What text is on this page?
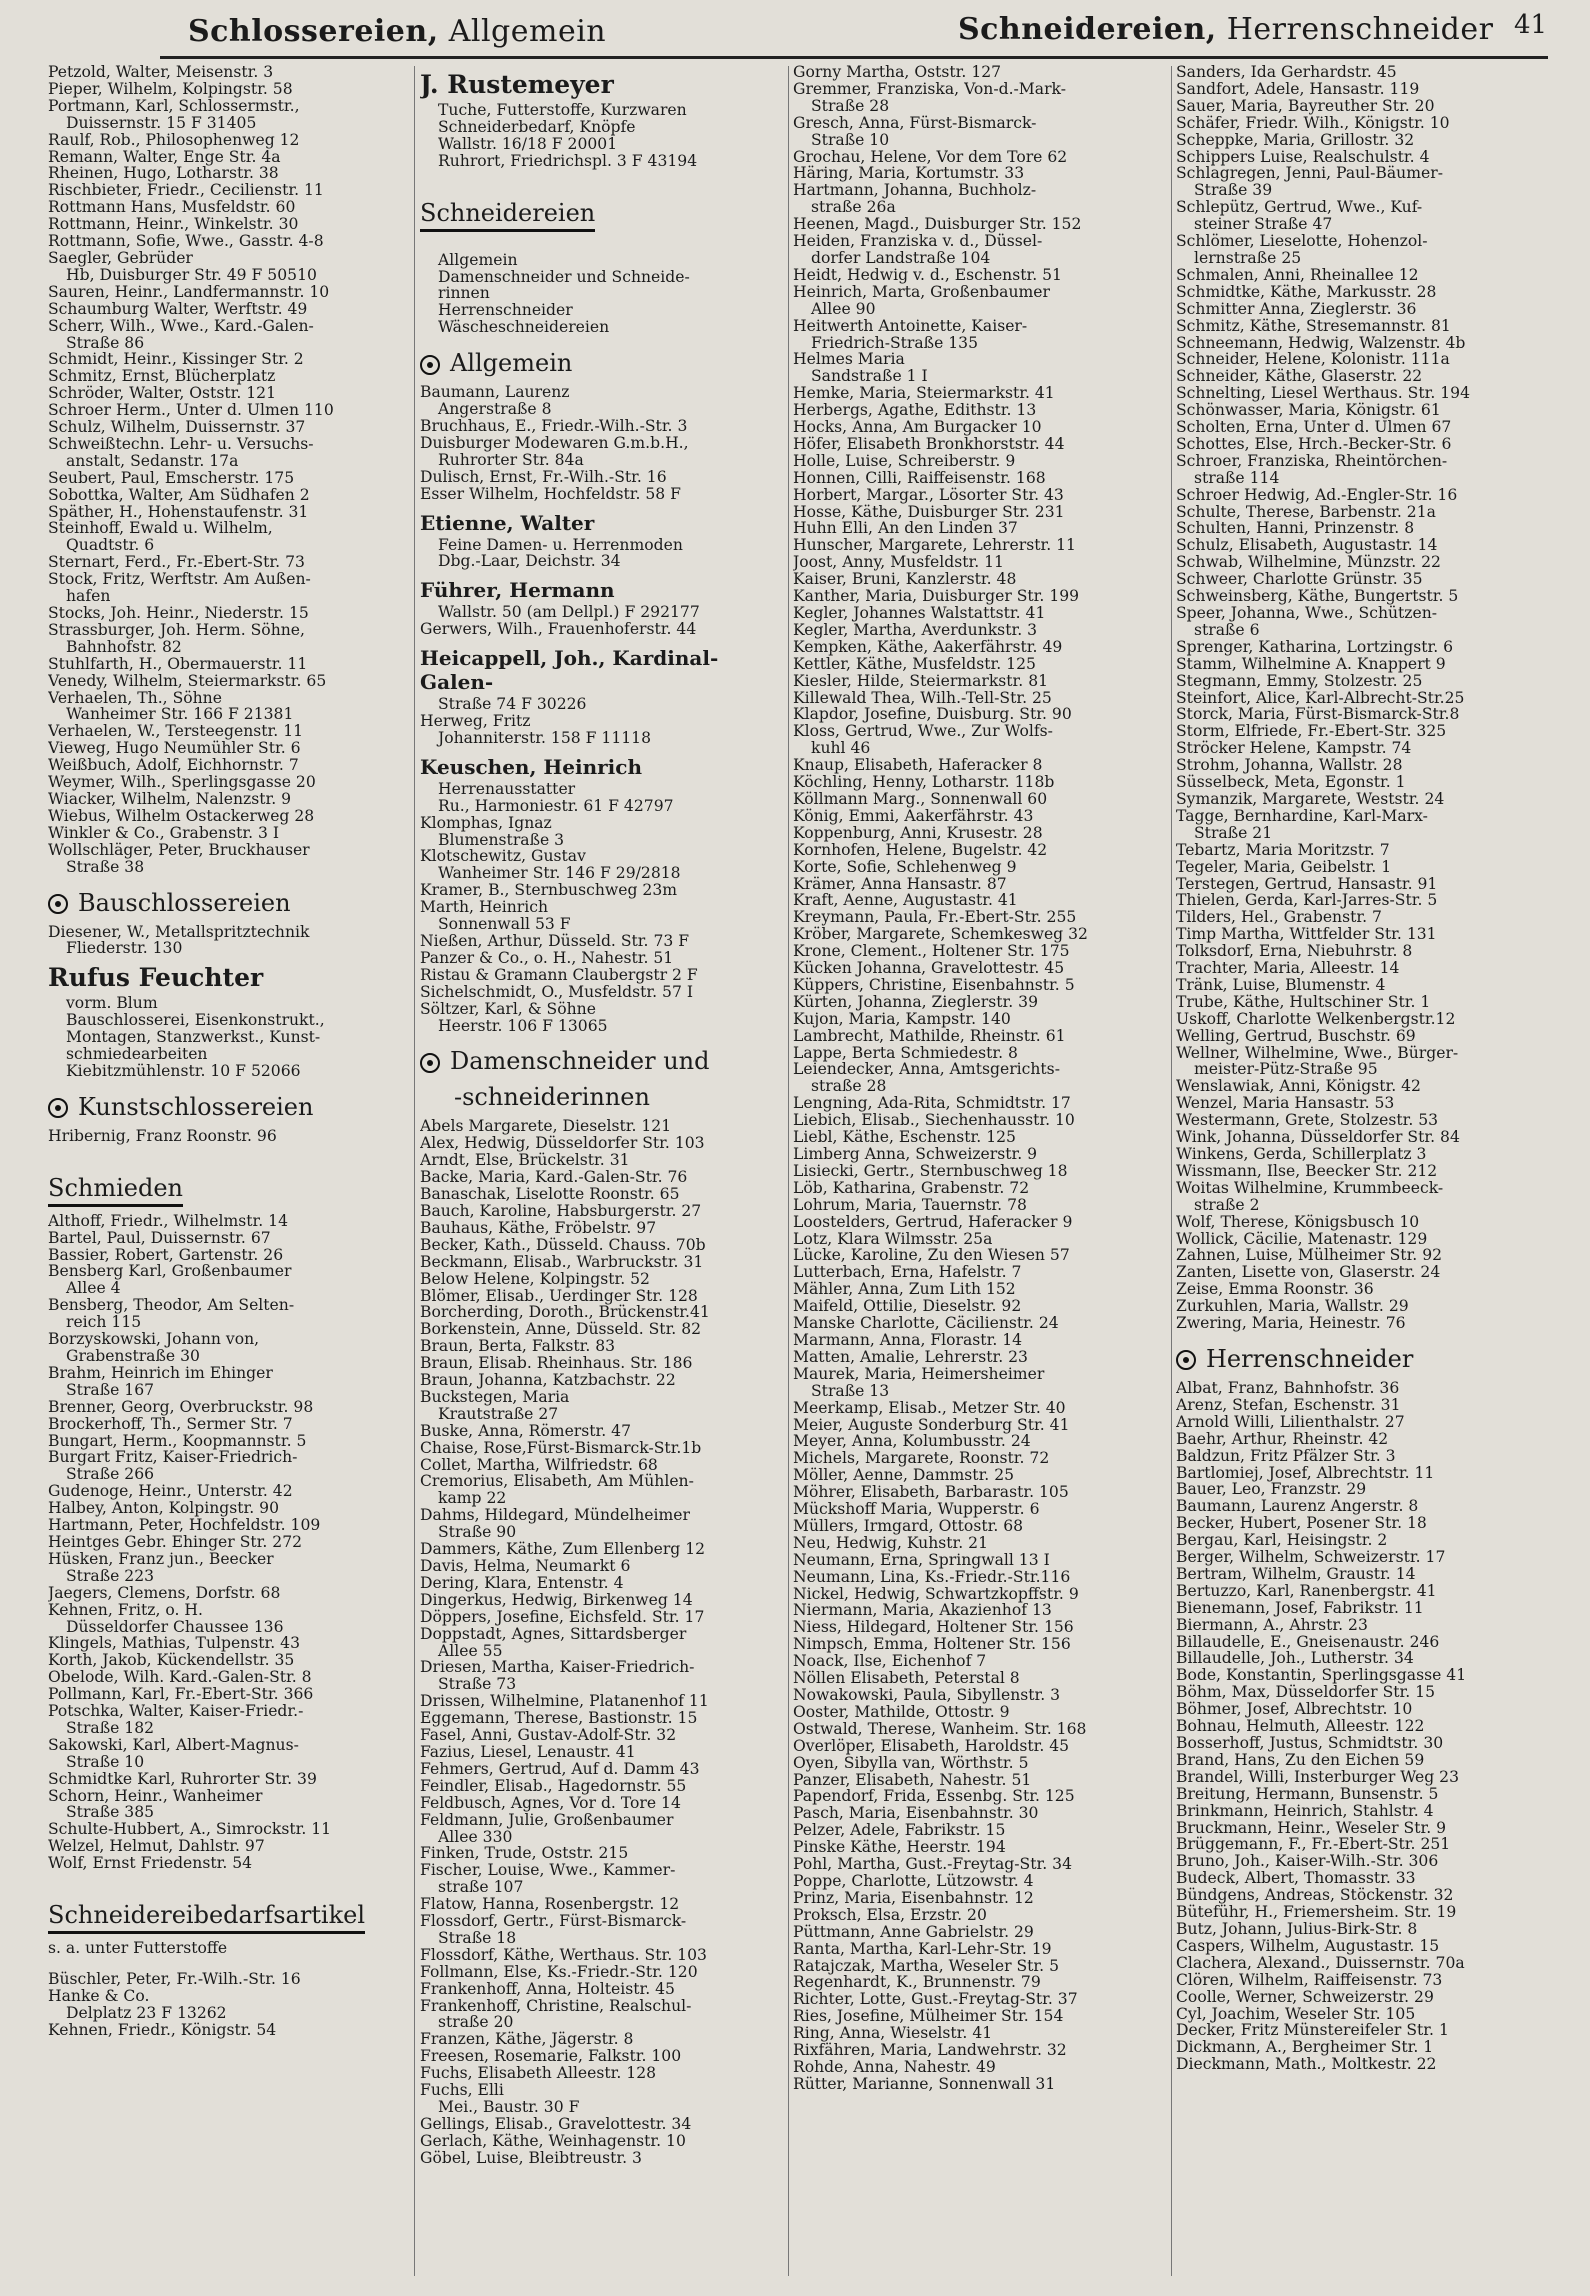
Schlossereien, Allgemein	Schneidereien, Herrenschneider 41
Petzold, Walter, Meisenstr. 3
Pieper, Wilhelm, Kolpingstr. 58
Portmann, Karl, Schlossermstr.,
Duissernstr. 15 F 31405
Raulf, Rob., Philosophenweg 12
Remann, Walter, Enge Str. 4a
Rheinen, Hugo, Lotharstr. 38
Rischbieter, Friedr., Cecilienstr. 11
Rottmann Hans, Musfeldstr. 60
Rottmann, Heinr., Winkelstr. 30
Rottmann, Sofie, Wwe., Gasstr. 4-8
Saegler, Gebrüder
Hb, Duisburger Str. 49 F 50510
Sauren, Heinr., Landfermannstr. 10
Schaumburg Walter, Werftstr. 49
Scherr, Wilh., Wwe., Kard.-Galen-
Straße 86
Schmidt, Heinr., Kissinger Str. 2
Schmitz, Ernst, Blücherplatz
Schröder, Walter, Oststr. 121
Schroer Herm., Unter d. Ulmen 110
Schulz, Wilhelm, Duissernstr. 37
Schweißtechn. Lehr- u. Versuchs-
anstalt, Sedanstr. 17a
Seubert, Paul, Emscherstr. 175
Sobottka, Walter, Am Südhafen 2
Späther, H., Hohenstaufenstr. 31
Steinhoff, Ewald u. Wilhelm,
Quadtstr. 6
Sternart, Ferd., Fr.-Ebert-Str. 73
Stock, Fritz, Werftstr. Am Außen-
hafen
Stocks, Joh. Heinr., Niederstr. 15
Strassburger, Joh. Herm. Söhne,
Bahnhofstr. 82
Stuhlfarth, H., Obermauerstr. 11
Venedy, Wilhelm, Steiermarkstr. 65
Verhaelen, Th., Söhne
Wanheimer Str. 166 F 21381
Verhaelen, W., Tersteegenstr. 11
Vieweg, Hugo Neumühler Str. 6
Weißbuch, Adolf, Eichhornstr. 7
Weymer, Wilh., Sperlingsgasse 20
Wiacker, Wilhelm, Nalenzstr. 9
Wiebus, Wilhelm Ostackerweg 28
Winkler & Co., Grabenstr. 3 I
Wollschläger, Peter, Bruckhauser
Straße 38
Bauschlossereien
Diesener, W., Metallspritztechnik
Fliederstr. 130
Rufus Feuchter
vorm. Blum
Bauschlosserei, Eisenkonstrukt.,
Montagen, Stanzwerkst., Kunst-
schmiedearbeiten
Kiebitzmühlenstr. 10 F 52066
Kunstschlossereien
Hribernig, Franz Roonstr. 96
Schmieden
Althoff, Friedr., Wilhelmstr. 14
Bartel, Paul, Duissernstr. 67
Bassier, Robert, Gartenstr. 26
Bensberg Karl, Großenbaumer
Allee 4
Bensberg, Theodor, Am Selten-
reich 115
Borzyskowski, Johann von,
Grabenstraße 30
Brahm, Heinrich im Ehinger
Straße 167
Brenner, Georg, Overbruckstr. 98
Brockerhoff, Th., Sermer Str. 7
Bungart, Herm., Koopmannstr. 5
Burgart Fritz, Kaiser-Friedrich-
Straße 266
Gudenoge, Heinr., Unterstr. 42
Halbey, Anton, Kolpingstr. 90
Hartmann, Peter, Hochfeldstr. 109
Heintges Gebr. Ehinger Str. 272
Hüsken, Franz jun., Beecker
Straße 223
Jaegers, Clemens, Dorfstr. 68
Kehnen, Fritz, o. H.
Düsseldorfer Chaussee 136
Klingels, Mathias, Tulpenstr. 43
Korth, Jakob, Kückendellstr. 35
Obelode, Wilh. Kard.-Galen-Str. 8
Pollmann, Karl, Fr.-Ebert-Str. 366
Potschka, Walter, Kaiser-Friedr.-
Straße 182
Sakowski, Karl, Albert-Magnus-
Straße 10
Schmidtke Karl, Ruhrorter Str. 39
Schorn, Heinr., Wanheimer
Straße 385
Schulte-Hubbert, A., Simrockstr. 11
Welzel, Helmut, Dahlstr. 97
Wolf, Ernst Friedenstr. 54
Schneidereibedarfsartikel
s. a. unter Futterstoffe
Büschler, Peter, Fr.-Wilh.-Str. 16
Hanke & Co.
Delplatz 23 F 13262
Kehnen, Friedr., Königstr. 54
J. Rustemeyer
Tuche, Futterstoffe, Kurzwaren
Schneiderbedarf, Knöpfe
Wallstr. 16/18 F 20001
Ruhrort, Friedrichspl. 3 F 43194
Schneidereien
Allgemein
Damenschneider und Schneide-
rinnen
Herrenschneider
Wäscheschneidereien
Allgemein
Baumann, Laurenz
Angerstraße 8
Bruchhaus, E., Friedr.-Wilh.-Str. 3
Duisburger Modewaren G.m.b.H.,
Ruhrorter Str. 84a
Dulisch, Ernst, Fr.-Wilh.-Str. 16
Esser Wilhelm, Hochfeldstr. 58 F
Etienne, Walter
Feine Damen- u. Herrenmoden
Dbg.-Laar, Deichstr. 34
Führer, Hermann
Wallstr. 50 (am Dellpl.) F 292177
Gerwers, Wilh., Frauenhoferstr. 44
Heicappell, Joh., Kardinal-Galen-
Straße 74 F 30226
Herweg, Fritz
Johanniterstr. 158 F 11118
Keuschen, Heinrich
Herrenausstatter
Ru., Harmoniestr. 61 F 42797
Klomphas, Ignaz
Blumenstraße 3
Klotschewitz, Gustav
Wanheimer Str. 146 F 29/2818
Kramer, B., Sternbuschweg 23m
Marth, Heinrich
Sonnenwall 53 F
Nießen, Arthur, Düsseld. Str. 73 F
Panzer & Co., o. H., Nahestr. 51
Ristau & Gramann Claubergstr 2 F
Sichelschmidt, O., Musfeldstr. 57 I
Söltzer, Karl, & Söhne
Heerstr. 106 F 13065
Damenschneider und
-schneiderinnen
Abels Margarete, Dieselstr. 121
Alex, Hedwig, Düsseldorfer Str. 103
Arndt, Else, Brückelstr. 31
Backe, Maria, Kard.-Galen-Str. 76
Banaschak, Liselotte Roonstr. 65
Bauch, Karoline, Habsburgerstr. 27
Bauhaus, Käthe, Fröbelstr. 97
Becker, Kath., Düsseld. Chauss. 70b
Beckmann, Elisab., Warbruckstr. 31
Below Helene, Kolpingstr. 52
Blömer, Elisab., Uerdinger Str. 128
Borcherding, Doroth., Brückenstr.41
Borkenstein, Anne, Düsseld. Str. 82
Braun, Berta, Falkstr. 83
Braun, Elisab. Rheinhaus. Str. 186
Braun, Johanna, Katzbachstr. 22
Buckstegen, Maria
Krautstraße 27
Buske, Anna, Römerstr. 47
Chaise, Rose,Fürst-Bismarck-Str.1b
Collet, Martha, Wilfriedstr. 68
Cremorius, Elisabeth, Am Mühlen-
kamp 22
Dahms, Hildegard, Mündelheimer
Straße 90
Dammers, Käthe, Zum Ellenberg 12
Davis, Helma, Neumarkt 6
Dering, Klara, Entenstr. 4
Dingerkus, Hedwig, Birkenweg 14
Döppers, Josefine, Eichsfeld. Str. 17
Doppstadt, Agnes, Sittardsberger
Allee 55
Driesen, Martha, Kaiser-Friedrich-
Straße 73
Drissen, Wilhelmine, Platanenhof 11
Eggemann, Therese, Bastionstr. 15
Fasel, Anni, Gustav-Adolf-Str. 32
Fazius, Liesel, Lenaustr. 41
Fehmers, Gertrud, Auf d. Damm 43
Feindler, Elisab., Hagedornstr. 55
Feldbusch, Agnes, Vor d. Tore 14
Feldmann, Julie, Großenbaumer
Allee 330
Finken, Trude, Oststr. 215
Fischer, Louise, Wwe., Kammer-
straße 107
Flatow, Hanna, Rosenbergstr. 12
Flossdorf, Gertr., Fürst-Bismarck-
Straße 18
Flossdorf, Käthe, Werthaus. Str. 103
Follmann, Else, Ks.-Friedr.-Str. 120
Frankenhoff, Anna, Holteistr. 45
Frankenhoff, Christine, Realschul-
straße 20
Franzen, Käthe, Jägerstr. 8
Freesen, Rosemarie, Falkstr. 100
Fuchs, Elisabeth Alleestr. 128
Fuchs, Elli
Mei., Baustr. 30 F
Gellings, Elisab., Gravelottestr. 34
Gerlach, Käthe, Weinhagenstr. 10
Göbel, Luise, Bleibtreustr. 3
Gorny Martha, Oststr. 127
Gremmer, Franziska, Von-d.-Mark-
Straße 28
Gresch, Anna, Fürst-Bismarck-
Straße 10
Grochau, Helene, Vor dem Tore 62
Häring, Maria, Kortumstr. 33
Hartmann, Johanna, Buchholz-
straße 26a
Heenen, Magd., Duisburger Str. 152
Heiden, Franziska v. d., Düssel-
dorfer Landstraße 104
Heidt, Hedwig v. d., Eschenstr. 51
Heinrich, Marta, Großenbaumer
Allee 90
Heitwerth Antoinette, Kaiser-
Friedrich-Straße 135
Helmes Maria
Sandstraße 1 I
Hemke, Maria, Steiermarkstr. 41
Herbergs, Agathe, Edithstr. 13
Hocks, Anna, Am Burgacker 10
Höfer, Elisabeth Bronkhorststr. 44
Holle, Luise, Schreiberstr. 9
Honnen, Cilli, Raiffeisenstr. 168
Horbert, Margar., Lösorter Str. 43
Hosse, Käthe, Duisburger Str. 231
Huhn Elli, An den Linden 37
Hunscher, Margarete, Lehrerstr. 11
Joost, Anny, Musfeldstr. 11
Kaiser, Bruni, Kanzlerstr. 48
Kanther, Maria, Duisburger Str. 199
Kegler, Johannes Walstattstr. 41
Kegler, Martha, Averdunkstr. 3
Kempken, Käthe, Aakerfährstr. 49
Kettler, Käthe, Musfeldstr. 125
Kiesler, Hilde, Steiermarkstr. 81
Killewald Thea, Wilh.-Tell-Str. 25
Klapdor, Josefine, Duisburg. Str. 90
Kloss, Gertrud, Wwe., Zur Wolfs-
kuhl 46
Knaup, Elisabeth, Haferacker 8
Köchling, Henny, Lotharstr. 118b
Köllmann Marg., Sonnenwall 60
König, Emmi, Aakerfährstr. 43
Koppenburg, Anni, Krusestr. 28
Kornhofen, Helene, Bugelstr. 42
Korte, Sofie, Schlehenweg 9
Krämer, Anna Hansastr. 87
Kraft, Aenne, Augustastr. 41
Kreymann, Paula, Fr.-Ebert-Str. 255
Kröber, Margarete, Schemkesweg 32
Krone, Clement., Holtener Str. 175
Kücken Johanna, Gravelottestr. 45
Küppers, Christine, Eisenbahnstr. 5
Kürten, Johanna, Zieglerstr. 39
Kujon, Maria, Kampstr. 140
Lambrecht, Mathilde, Rheinstr. 61
Lappe, Berta Schmiedestr. 8
Leiendecker, Anna, Amtsgerichts-
straße 28
Lengning, Ada-Rita, Schmidtstr. 17
Liebich, Elisab., Siechenhausstr. 10
Liebl, Käthe, Eschenstr. 125
Limberg Anna, Schweizerstr. 9
Lisiecki, Gertr., Sternbuschweg 18
Löb, Katharina, Grabenstr. 72
Lohrum, Maria, Tauernstr. 78
Loostelders, Gertrud, Haferacker 9
Lotz, Klara Wilmsstr. 25a
Lücke, Karoline, Zu den Wiesen 57
Lutterbach, Erna, Hafelstr. 7
Mähler, Anna, Zum Lith 152
Maifeld, Ottilie, Dieselstr. 92
Manske Charlotte, Cäcilienstr. 24
Marmann, Anna, Florastr. 14
Matten, Amalie, Lehrerstr. 23
Maurek, Maria, Heimersheimer
Straße 13
Meerkamp, Elisab., Metzer Str. 40
Meier, Auguste Sonderburg Str. 41
Meyer, Anna, Kolumbusstr. 24
Michels, Margarete, Roonstr. 72
Möller, Aenne, Dammstr. 25
Möhrer, Elisabeth, Barbarastr. 105
Mückshoff Maria, Wupperstr. 6
Müllers, Irmgard, Ottostr. 68
Neu, Hedwig, Kuhstr. 21
Neumann, Erna, Springwall 13 I
Neumann, Lina, Ks.-Friedr.-Str.116
Nickel, Hedwig, Schwartzkopffstr. 9
Niermann, Maria, Akazienhof 13
Niess, Hildegard, Holtener Str. 156
Nimpsch, Emma, Holtener Str. 156
Noack, Ilse, Eichenhof 7
Nöllen Elisabeth, Peterstal 8
Nowakowski, Paula, Sibyllenstr. 3
Ooster, Mathilde, Ottostr. 9
Ostwald, Therese, Wanheim. Str. 168
Overlöper, Elisabeth, Haroldstr. 45
Oyen, Sibylla van, Wörthstr. 5
Panzer, Elisabeth, Nahestr. 51
Papendorf, Frida, Essenbg. Str. 125
Pasch, Maria, Eisenbahnstr. 30
Pelzer, Adele, Fabrikstr. 15
Pinske Käthe, Heerstr. 194
Pohl, Martha, Gust.-Freytag-Str. 34
Poppe, Charlotte, Lützowstr. 4
Prinz, Maria, Eisenbahnstr. 12
Proksch, Elsa, Erzstr. 20
Püttmann, Anne Gabrielstr. 29
Ranta, Martha, Karl-Lehr-Str. 19
Ratajczak, Martha, Weseler Str. 5
Regenhardt, K., Brunnenstr. 79
Richter, Lotte, Gust.-Freytag-Str. 37
Ries, Josefine, Mülheimer Str. 154
Ring, Anna, Wieselstr. 41
Rixfähren, Maria, Landwehrstr. 32
Rohde, Anna, Nahestr. 49
Rütter, Marianne, Sonnenwall 31
Sanders, Ida Gerhardstr. 45
Sandfort, Adele, Hansastr. 119
Sauer, Maria, Bayreuther Str. 20
Schäfer, Friedr. Wilh., Königstr. 10
Scheppke, Maria, Grillostr. 32
Schippers Luise, Realschulstr. 4
Schlagregen, Jenni, Paul-Bäumer-
Straße 39
Schlepütz, Gertrud, Wwe., Kuf-
steiner Straße 47
Schlömer, Lieselotte, Hohenzol-
lernstraße 25
Schmalen, Anni, Rheinallee 12
Schmidtke, Käthe, Markusstr. 28
Schmitter Anna, Zieglerstr. 36
Schmitz, Käthe, Stresemannstr. 81
Schneemann, Hedwig, Walzenstr. 4b
Schneider, Helene, Kolonistr. 111a
Schneider, Käthe, Glaserstr. 22
Schnelting, Liesel Werthaus. Str. 194
Schönwasser, Maria, Königstr. 61
Scholten, Erna, Unter d. Ulmen 67
Schottes, Else, Hrch.-Becker-Str. 6
Schroer, Franziska, Rheintörchen-
straße 114
Schroer Hedwig, Ad.-Engler-Str. 16
Schulte, Therese, Barbenstr. 21a
Schulten, Hanni, Prinzenstr. 8
Schulz, Elisabeth, Augustastr. 14
Schwab, Wilhelmine, Münzstr. 22
Schweer, Charlotte Grünstr. 35
Schweinsberg, Käthe, Bungertstr. 5
Speer, Johanna, Wwe., Schützen-
straße 6
Sprenger, Katharina, Lortzingstr. 6
Stamm, Wilhelmine A. Knappert 9
Stegmann, Emmy, Stolzestr. 25
Steinfort, Alice, Karl-Albrecht-Str.25
Storck, Maria, Fürst-Bismarck-Str.8
Storm, Elfriede, Fr.-Ebert-Str. 325
Ströcker Helene, Kampstr. 74
Strohm, Johanna, Wallstr. 28
Süsselbeck, Meta, Egonstr. 1
Symanzik, Margarete, Weststr. 24
Tagge, Bernhardine, Karl-Marx-
Straße 21
Tebartz, Maria Moritzstr. 7
Tegeler, Maria, Geibelstr. 1
Terstegen, Gertrud, Hansastr. 91
Thielen, Gerda, Karl-Jarres-Str. 5
Tilders, Hel., Grabenstr. 7
Timp Martha, Wittfelder Str. 131
Tolksdorf, Erna, Niebuhrstr. 8
Trachter, Maria, Alleestr. 14
Tränk, Luise, Blumenstr. 4
Trube, Käthe, Hultschiner Str. 1
Uskoff, Charlotte Welkenbergstr.12
Welling, Gertrud, Buschstr. 69
Wellner, Wilhelmine, Wwe., Bürger-
meister-Pütz-Straße 95
Wenslawiak, Anni, Königstr. 42
Wenzel, Maria Hansastr. 53
Westermann, Grete, Stolzestr. 53
Wink, Johanna, Düsseldorfer Str. 84
Winkens, Gerda, Schillerplatz 3
Wissmann, Ilse, Beecker Str. 212
Woitas Wilhelmine, Krummbeeck-
straße 2
Wolf, Therese, Königsbusch 10
Wollick, Cäcilie, Matenastr. 129
Zahnen, Luise, Mülheimer Str. 92
Zanten, Lisette von, Glaserstr. 24
Zeise, Emma Roonstr. 36
Zurkuhlen, Maria, Wallstr. 29
Zwering, Maria, Heinestr. 76
Herrenschneider
Albat, Franz, Bahnhofstr. 36
Arenz, Stefan, Eschenstr. 31
Arnold Willi, Lilienthalstr. 27
Baehr, Arthur, Rheinstr. 42
Baldzun, Fritz Pfälzer Str. 3
Bartlomiej, Josef, Albrechtstr. 11
Bauer, Leo, Franzstr. 29
Baumann, Laurenz Angerstr. 8
Becker, Hubert, Posener Str. 18
Bergau, Karl, Heisingstr. 2
Berger, Wilhelm, Schweizerstr. 17
Bertram, Wilhelm, Graustr. 14
Bertuzzo, Karl, Ranenbergstr. 41
Bienemann, Josef, Fabrikstr. 11
Biermann, A., Ahrstr. 23
Billaudelle, E., Gneisenaustr. 246
Billaudelle, Joh., Lutherstr. 34
Bode, Konstantin, Sperlingsgasse 41
Böhm, Max, Düsseldorfer Str. 15
Böhmer, Josef, Albrechtstr. 10
Bohnau, Helmuth, Alleestr. 122
Bosserhoff, Justus, Schmidtstr. 30
Brand, Hans, Zu den Eichen 59
Brandel, Willi, Insterburger Weg 23
Breitung, Hermann, Bunsenstr. 5
Brinkmann, Heinrich, Stahlstr. 4
Bruckmann, Heinr., Weseler Str. 9
Brüggemann, F., Fr.-Ebert-Str. 251
Bruno, Joh., Kaiser-Wilh.-Str. 306
Budeck, Albert, Thomasstr. 33
Bündgens, Andreas, Stöckenstr. 32
Büteführ, H., Friemersheim. Str. 19
Butz, Johann, Julius-Birk-Str. 8
Caspers, Wilhelm, Augustastr. 15
Clachera, Alexand., Duissernstr. 70a
Clören, Wilhelm, Raiffeisenstr. 73
Coolle, Werner, Schweizerstr. 29
Cyl, Joachim, Weseler Str. 105
Decker, Fritz Münstereifeler Str. 1
Dickmann, A., Bergheimer Str. 1
Dieckmann, Math., Moltkestr. 22
